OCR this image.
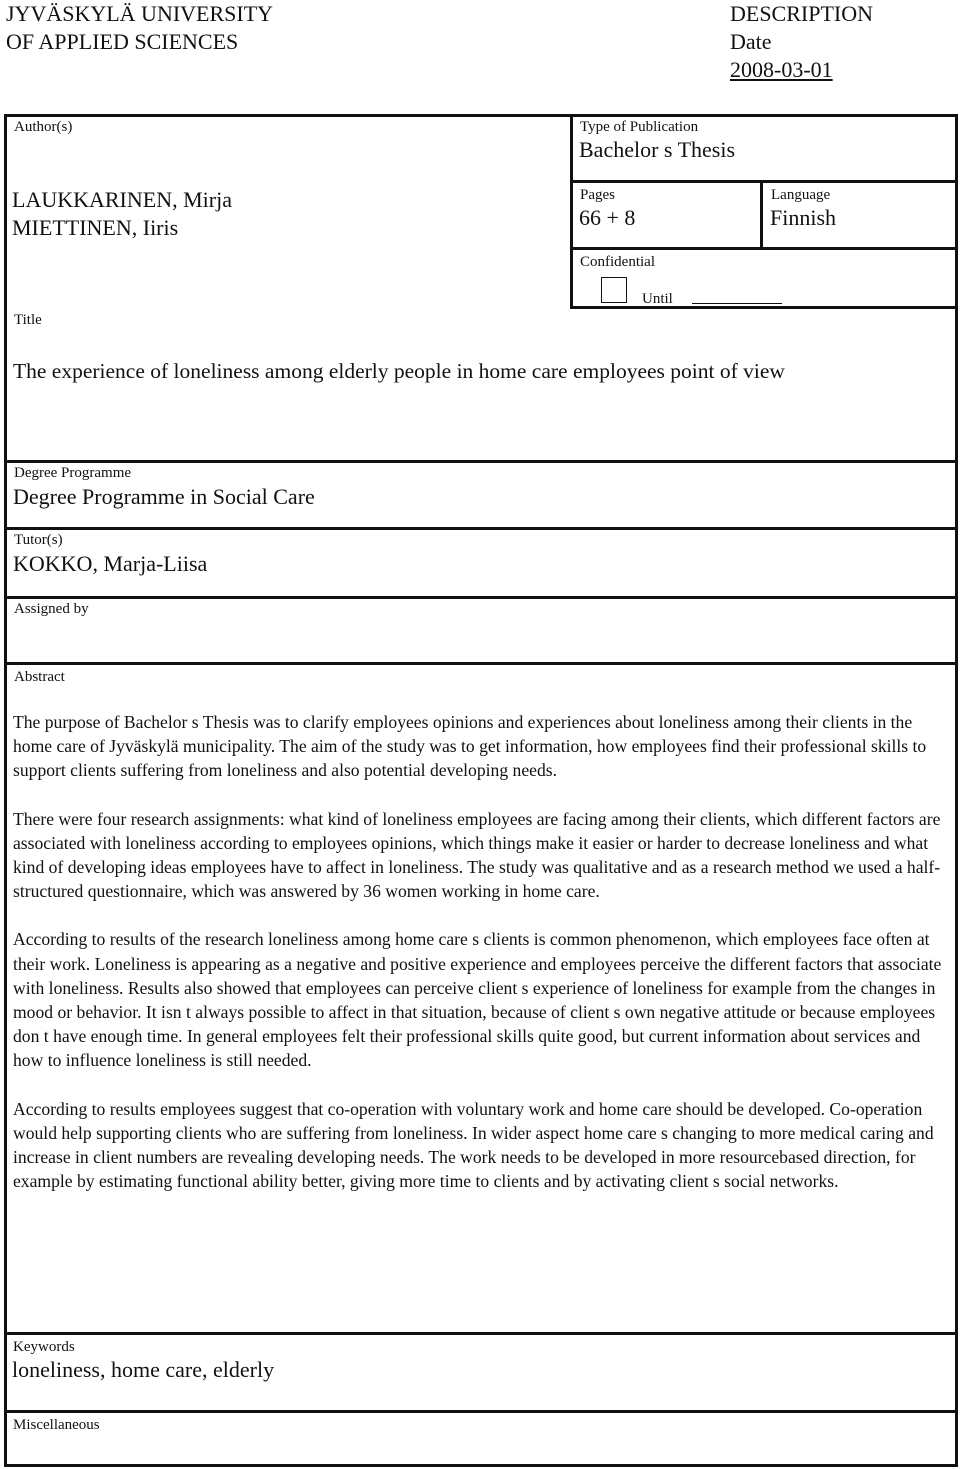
JYVÄSKYLÄ UNIVERSITY
OF APPLIED SCIENCES
DESCRIPTION
Date
2008-03-01
Author(s)
LAUKKARINEN, Mirja
MIETTINEN, Iiris
Type of Publication
Bachelor s Thesis
Pages
66 + 8
Language
Finnish
Confidential
Until
Title
The experience of loneliness among elderly people in home care employees point of view
Degree Programme
Degree Programme in Social Care
Tutor(s)
KOKKO, Marja-Liisa
Assigned by
Abstract

The purpose of Bachelor s Thesis was to clarify employees opinions and experiences about loneliness among their clients in the home care of Jyväskylä municipality. The aim of the study was to get information, how employees find their professional skills to support clients suffering from loneliness and also potential developing needs.

There were four research assignments: what kind of loneliness employees are facing among their clients, which different factors are associated with loneliness according to employees opinions, which things make it easier or harder to decrease loneliness and what kind of developing ideas employees have to affect in loneliness. The study was qualitative and as a research method we used a half-structured questionnaire, which was answered by 36 women working in home care.

According to results of the research loneliness among home care s clients is common phenomenon, which employees face often at their work. Loneliness is appearing as a negative and positive experience and employees perceive the different factors that associate with loneliness. Results also showed that employees can perceive client s experience of loneliness for example from the changes in mood or behavior. It isn t always possible to affect in that situation, because of client s own negative attitude or because employees don t have enough time. In general employees felt their professional skills quite good, but current information about services and how to influence loneliness is still needed.

According to results employees suggest that co-operation with voluntary work and home care should be developed. Co-operation would help supporting clients who are suffering from loneliness. In wider aspect home care s changing to more medical caring and increase in client numbers are revealing developing needs. The work needs to be developed in more resourcebased direction, for example by estimating functional ability better, giving more time to clients and by activating client s social networks.

Keywords
loneliness, home care, elderly
Miscellaneous
